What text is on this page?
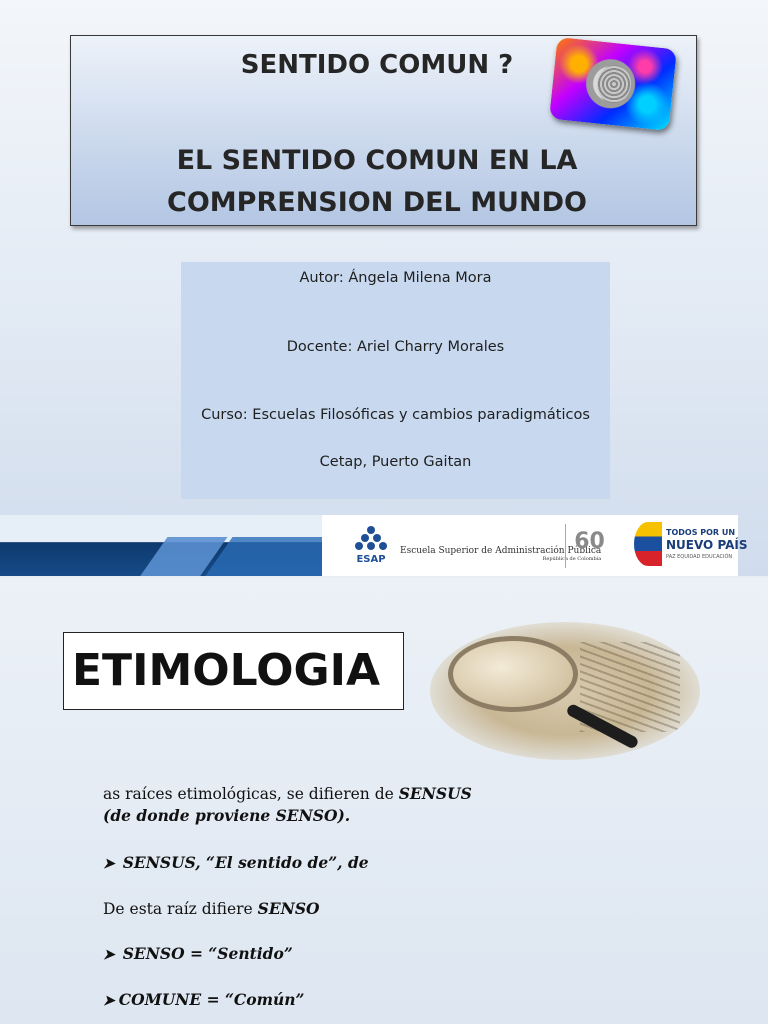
SENTIDO COMUN ?
EL SENTIDO COMUN EN LA
COMPRENSION DEL MUNDO
Autor: Ángela Milena Mora
Docente: Ariel Charry Morales
Curso: Escuelas Filosóficas y cambios paradigmáticos
Cetap, Puerto Gaitan
ESAP
Escuela Superior de Administración Pública
República de Colombia
60	TODOS POR UN
NUEVO PAÍS
PAZ EQUIDAD EDUCACIÓN
ETIMOLOGIA
as raíces etimológicas, se difieren de SENSUS
(de donde proviene SENSO).
➤ SENSUS, “El sentido de”, de
De esta raíz difiere SENSO
➤ SENSO = “Sentido”
➤ COMUNE = “Común”
